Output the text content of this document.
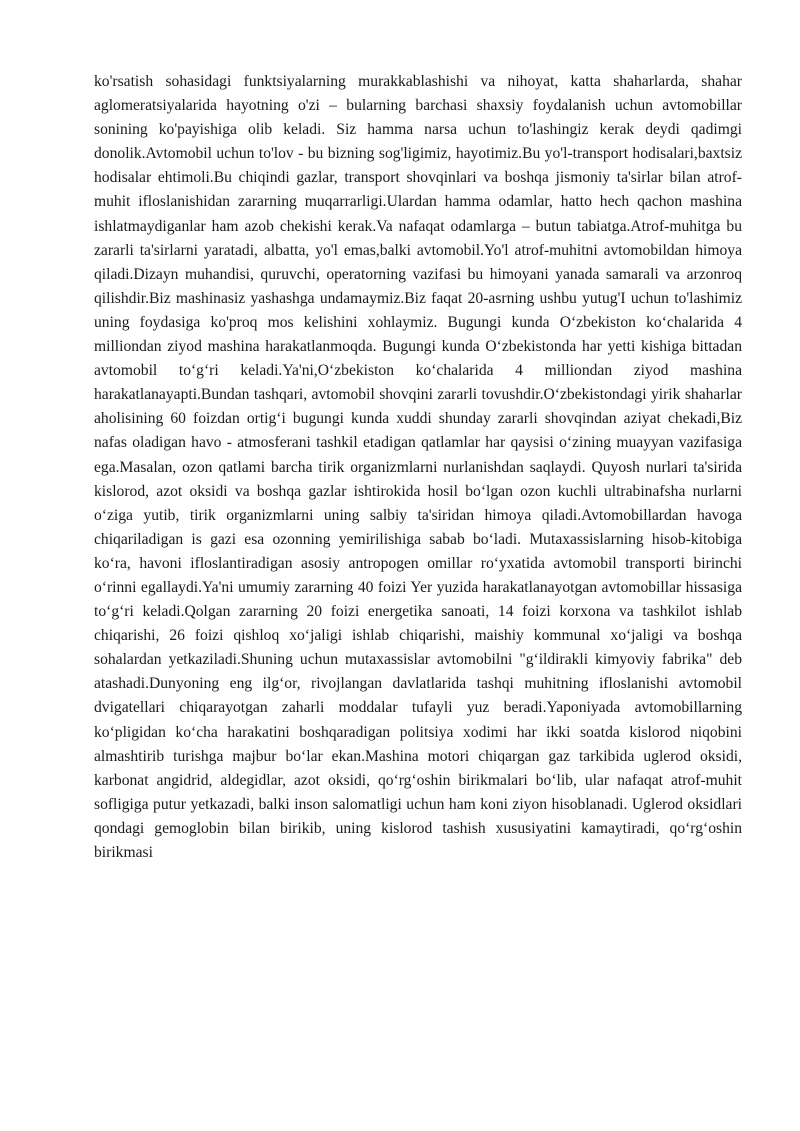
ko'rsatish sohasidagi funktsiyalarning murakkablashishi va nihoyat, katta shaharlarda, shahar aglomeratsiyalarida hayotning o'zi – bularning barchasi shaxsiy foydalanish uchun avtomobillar sonining ko'payishiga olib keladi. Siz hamma narsa uchun to'lashingiz kerak deydi qadimgi donolik.Avtomobil uchun to'lov - bu bizning sog'ligimiz, hayotimiz.Bu yo'l-transport hodisalari,baxtsiz hodisalar ehtimoli.Bu chiqindi gazlar, transport shovqinlari va boshqa jismoniy ta'sirlar bilan atrof-muhit ifloslanishidan zararning muqarrarligi.Ulardan hamma odamlar, hatto hech qachon mashina ishlatmaydiganlar ham azob chekishi kerak.Va nafaqat odamlarga – butun tabiatga.Atrof-muhitga bu zararli ta'sirlarni yaratadi, albatta, yo'l emas,balki avtomobil.Yo'l atrof-muhitni avtomobildan himoya qiladi.Dizayn muhandisi, quruvchi, operatorning vazifasi bu himoyani yanada samarali va arzonroq qilishdir.Biz mashinasiz yashashga undamaymiz.Biz faqat 20-asrning ushbu yutug'I uchun to'lashimiz uning foydasiga ko'proq mos kelishini xohlaymiz. Bugungi kunda O‘zbekiston ko‘chalarida 4 milliondan ziyod mashina harakatlanmoqda. Bugungi kunda O‘zbekistonda har yetti kishiga bittadan avtomobil to‘g‘ri keladi.Ya'ni,O‘zbekiston ko‘chalarida 4 milliondan ziyod mashina harakatlanayapti.Bundan tashqari, avtomobil shovqini zararli tovushdir.O‘zbekistondagi yirik shaharlar aholisining 60 foizdan ortig‘i bugungi kunda xuddi shunday zararli shovqindan aziyat chekadi,Biz nafas oladigan havo - atmosferani tashkil etadigan qatlamlar har qaysisi o‘zining muayyan vazifasiga ega.Masalan, ozon qatlami barcha tirik organizmlarni nurlanishdan saqlaydi. Quyosh nurlari ta'sirida kislorod, azot oksidi va boshqa gazlar ishtirokida hosil bo‘lgan ozon kuchli ultrabinafsha nurlarni o‘ziga yutib, tirik organizmlarni uning salbiy ta'siridan himoya qiladi.Avtomobillardan havoga chiqariladigan is gazi esa ozonning yemirilishiga sabab bo‘ladi. Mutaxassislarning hisob-kitobiga ko‘ra, havoni ifloslantiradigan asosiy antropogen omillar ro‘yxatida avtomobil transporti birinchi o‘rinni egallaydi.Ya'ni umumiy zararning 40 foizi Yer yuzida harakatlanayotgan avtomobillar hissasiga to‘g‘ri keladi.Qolgan zararning 20 foizi energetika sanoati, 14 foizi korxona va tashkilot ishlab chiqarishi, 26 foizi qishloq xo‘jaligi ishlab chiqarishi, maishiy kommunal xo‘jaligi va boshqa sohalardan yetkaziladi.Shuning uchun mutaxassislar avtomobilni "g‘ildirakli kimyoviy fabrika" deb atashadi.Dunyoning eng ilg‘or, rivojlangan davlatlarida tashqi muhitning ifloslanishi avtomobil dvigatellari chiqarayotgan zaharli moddalar tufayli yuz beradi.Yaponiyada avtomobillarning ko‘pligidan ko‘cha harakatini boshqaradigan politsiya xodimi har ikki soatda kislorod niqobini almashtirib turishga majbur bo‘lar ekan.Mashina motori chiqargan gaz tarkibida uglerod oksidi, karbonat angidrid, aldegidlar, azot oksidi, qo‘rg‘oshin birikmalari bo‘lib, ular nafaqat atrof-muhit sofligiga putur yetkazadi, balki inson salomatligi uchun ham koni ziyon hisoblanadi. Uglerod oksidlari qondagi gemoglobin bilan birikib, uning kislorod tashish xususiyatini kamaytiradi, qo‘rg‘oshin birikmasi
